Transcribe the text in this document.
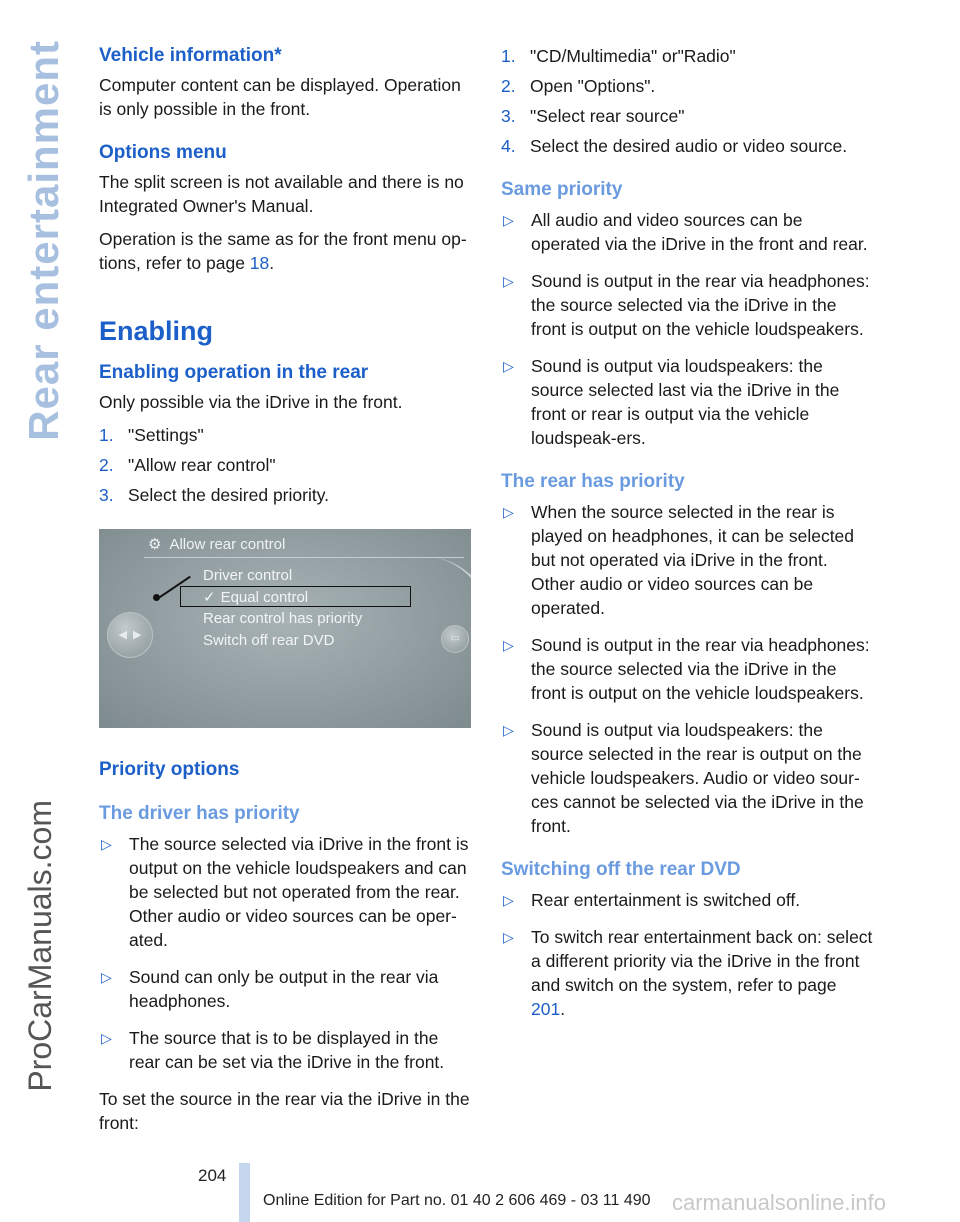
Rear entertainment
ProCarManuals.com
Vehicle information*

Computer content can be displayed. Operation is only possible in the front.

Options menu

The split screen is not available and there is no Integrated Owner's Manual.

Operation is the same as for the front menu op-tions, refer to page 18.

Enabling
Enabling operation in the rear

Only possible via the iDrive in the front.

1. "Settings"
2. "Allow rear control"
3. Select the desired priority.
⚙ Allow rear control
Driver control
✓ Equal control
Rear control has priority
Switch off rear DVD
◀ ▶	▭
Priority options
The driver has priority
▷ The source selected via iDrive in the front is output on the vehicle loudspeakers and can be selected but not operated from the rear. Other audio or video sources can be oper-ated.
▷ Sound can only be output in the rear via headphones.
▷ The source that is to be displayed in the rear can be set via the iDrive in the front.

To set the source in the rear via the iDrive in the front:

1. "CD/Multimedia" or"Radio"
2. Open "Options".
3. "Select rear source"
4. Select the desired audio or video source.
Same priority
▷ All audio and video sources can be operated via the iDrive in the front and rear.
▷ Sound is output in the rear via headphones: the source selected via the iDrive in the front is output on the vehicle loudspeakers.
▷ Sound is output via loudspeakers: the source selected last via the iDrive in the front or rear is output via the vehicle loudspeak-ers.
The rear has priority
▷ When the source selected in the rear is played on headphones, it can be selected but not operated via iDrive in the front. Other audio or video sources can be operated.
▷ Sound is output in the rear via headphones: the source selected via the iDrive in the front is output on the vehicle loudspeakers.
▷ Sound is output via loudspeakers: the source selected in the rear is output on the vehicle loudspeakers. Audio or video sour-ces cannot be selected via the iDrive in the front.
Switching off the rear DVD
▷ Rear entertainment is switched off.
▷ To switch rear entertainment back on: select a different priority via the iDrive in the front and switch on the system, refer to page 201.
204
Online Edition for Part no. 01 40 2 606 469 - 03 11 490 carmanualsonline.info
